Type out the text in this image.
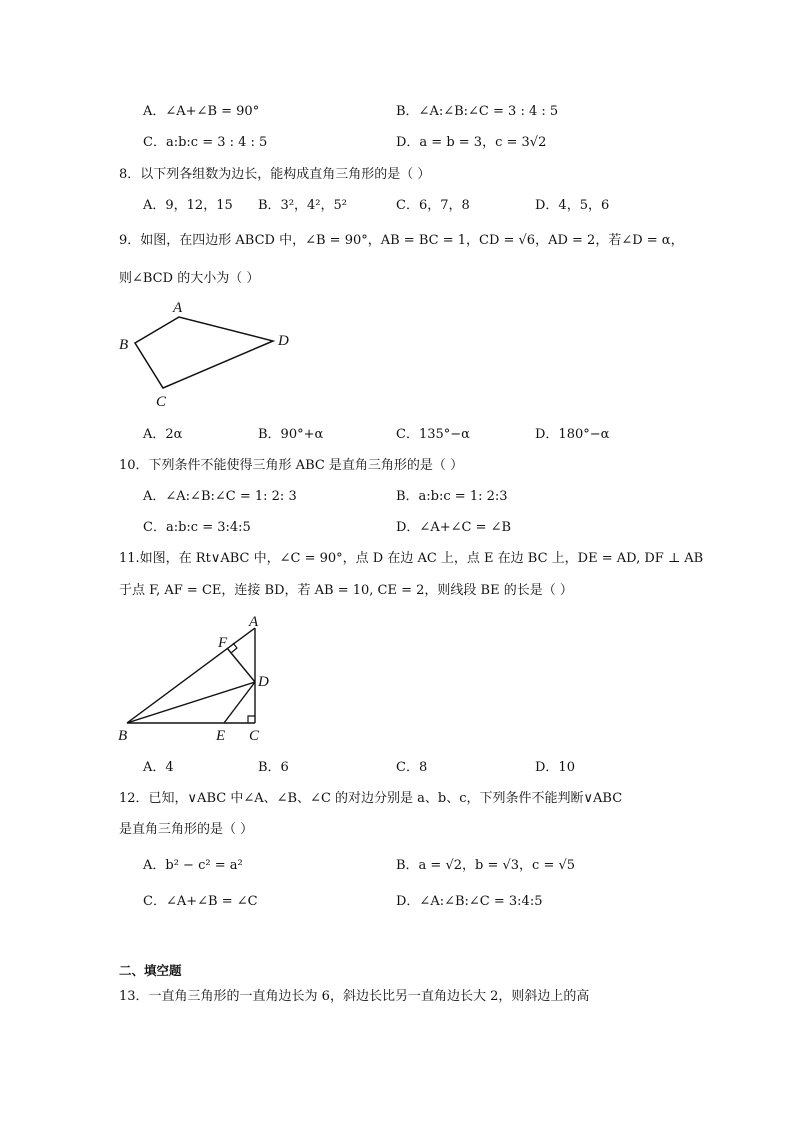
A．∠A+∠B = 90°	B．∠A:∠B:∠C = 3 : 4 : 5
C．a:b:c = 3 : 4 : 5	D．a = b = 3，c = 3√2
8．以下列各组数为边长，能构成直角三角形的是（ ）
A．9，12，15 B．3²，4²，5²	C．6，7，8	D．4，5，6
9．如图，在四边形 ABCD 中，∠B = 90°，AB = BC = 1，CD = √6，AD = 2，若∠D = α，
则∠BCD 的大小为（ ）
A
B
C
D
A．2α	B．90°+α	C．135°−α	D．180°−α
10．下列条件不能使得三角形 ABC 是直角三角形的是（ ）
A．∠A:∠B:∠C = 1: 2: 3	B．a:b:c = 1: 2:3
C．a:b:c = 3:4:5	D．∠A+∠C = ∠B
11.如图，在 Rt∨ABC 中，∠C = 90°，点 D 在边 AC 上，点 E 在边 BC 上，DE = AD, DF ⊥ AB
于点 F, AF = CE，连接 BD，若 AB = 10, CE = 2，则线段 BE 的长是（ ）
A
F
D
B	E C
A．4	B．6	C．8	D．10
12．已知，∨ABC 中∠A、∠B、∠C 的对边分别是 a、b、c，下列条件不能判断∨ABC
是直角三角形的是（ ）
A．b² − c² = a²	B．a = √2，b = √3，c = √5
C．∠A+∠B = ∠C	D．∠A:∠B:∠C = 3:4:5
二、填空题
13．一直角三角形的一直角边长为 6，斜边长比另一直角边长大 2，则斜边上的高
